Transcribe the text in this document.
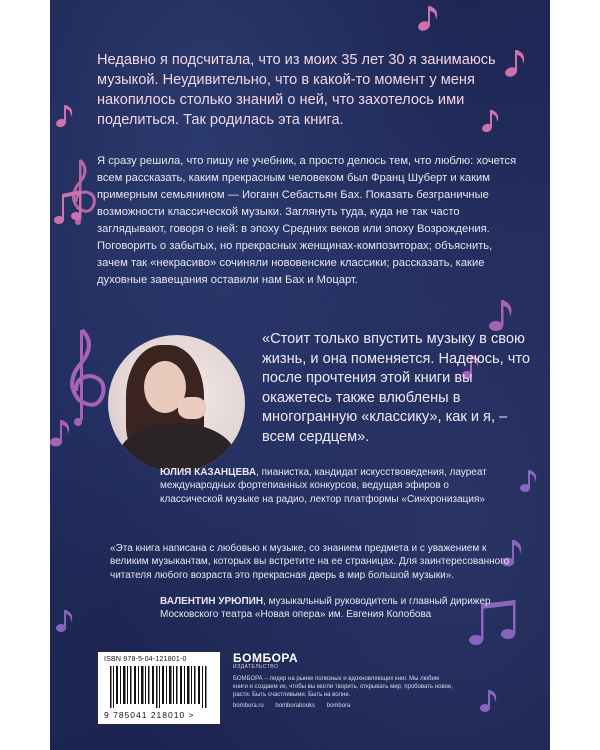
Недавно я подсчитала, что из моих 35 лет 30 я занимаюсь музыкой. Неудивительно, что в какой-то момент у меня накопилось столько знаний о ней, что захотелось ими поделиться. Так родилась эта книга.
Я сразу решила, что пишу не учебник, а просто делюсь тем, что люблю: хочется всем рассказать, каким прекрасным человеком был Франц Шуберт и каким примерным семьянином — Иоганн Себастьян Бах. Показать безграничные возможности классической музыки. Заглянуть туда, куда не так часто заглядывают, говоря о ней: в эпоху Средних веков или эпоху Возрождения. Поговорить о забытых, но прекрасных женщинах-композиторах; объяснить, зачем так «некрасиво» сочиняли нововенские классики; рассказать, какие духовные завещания оставили нам Бах и Моцарт.
«Стоит только впустить музыку в свою жизнь, и она поменяется. Надеюсь, что после прочтения этой книги вы окажетесь также влюблены в многогранную «классику», как и я, – всем сердцем».
ЮЛИЯ КАЗАНЦЕВА, пианистка, кандидат искусствоведения, лауреат международных фортепианных конкурсов, ведущая эфиров о классической музыке на радио, лектор платформы «Синхронизация»
«Эта книга написана с любовью к музыке, со знанием предмета и с уважением к великим музыкантам, которых вы встретите на ее страницах. Для заинтересованного читателя любого возраста это прекрасная дверь в мир большой музыки».
ВАЛЕНТИН УРЮПИН, музыкальный руководитель и главный дирижер Московского театра «Новая опера» им. Евгения Колобова
ISBN 978-5-04-121801-0
9 785041 218010 >
БОМБОРА
ИЗДАТЕЛЬСТВО
БОМБОРА – лидер на рынке полезных и вдохновляющих книг. Мы любим книги и создаем их, чтобы вы могли творить, открывать мир, пробовать новое, расти. Быть счастливыми. Быть на волне.
bombora.ru bomborabooks bombora
